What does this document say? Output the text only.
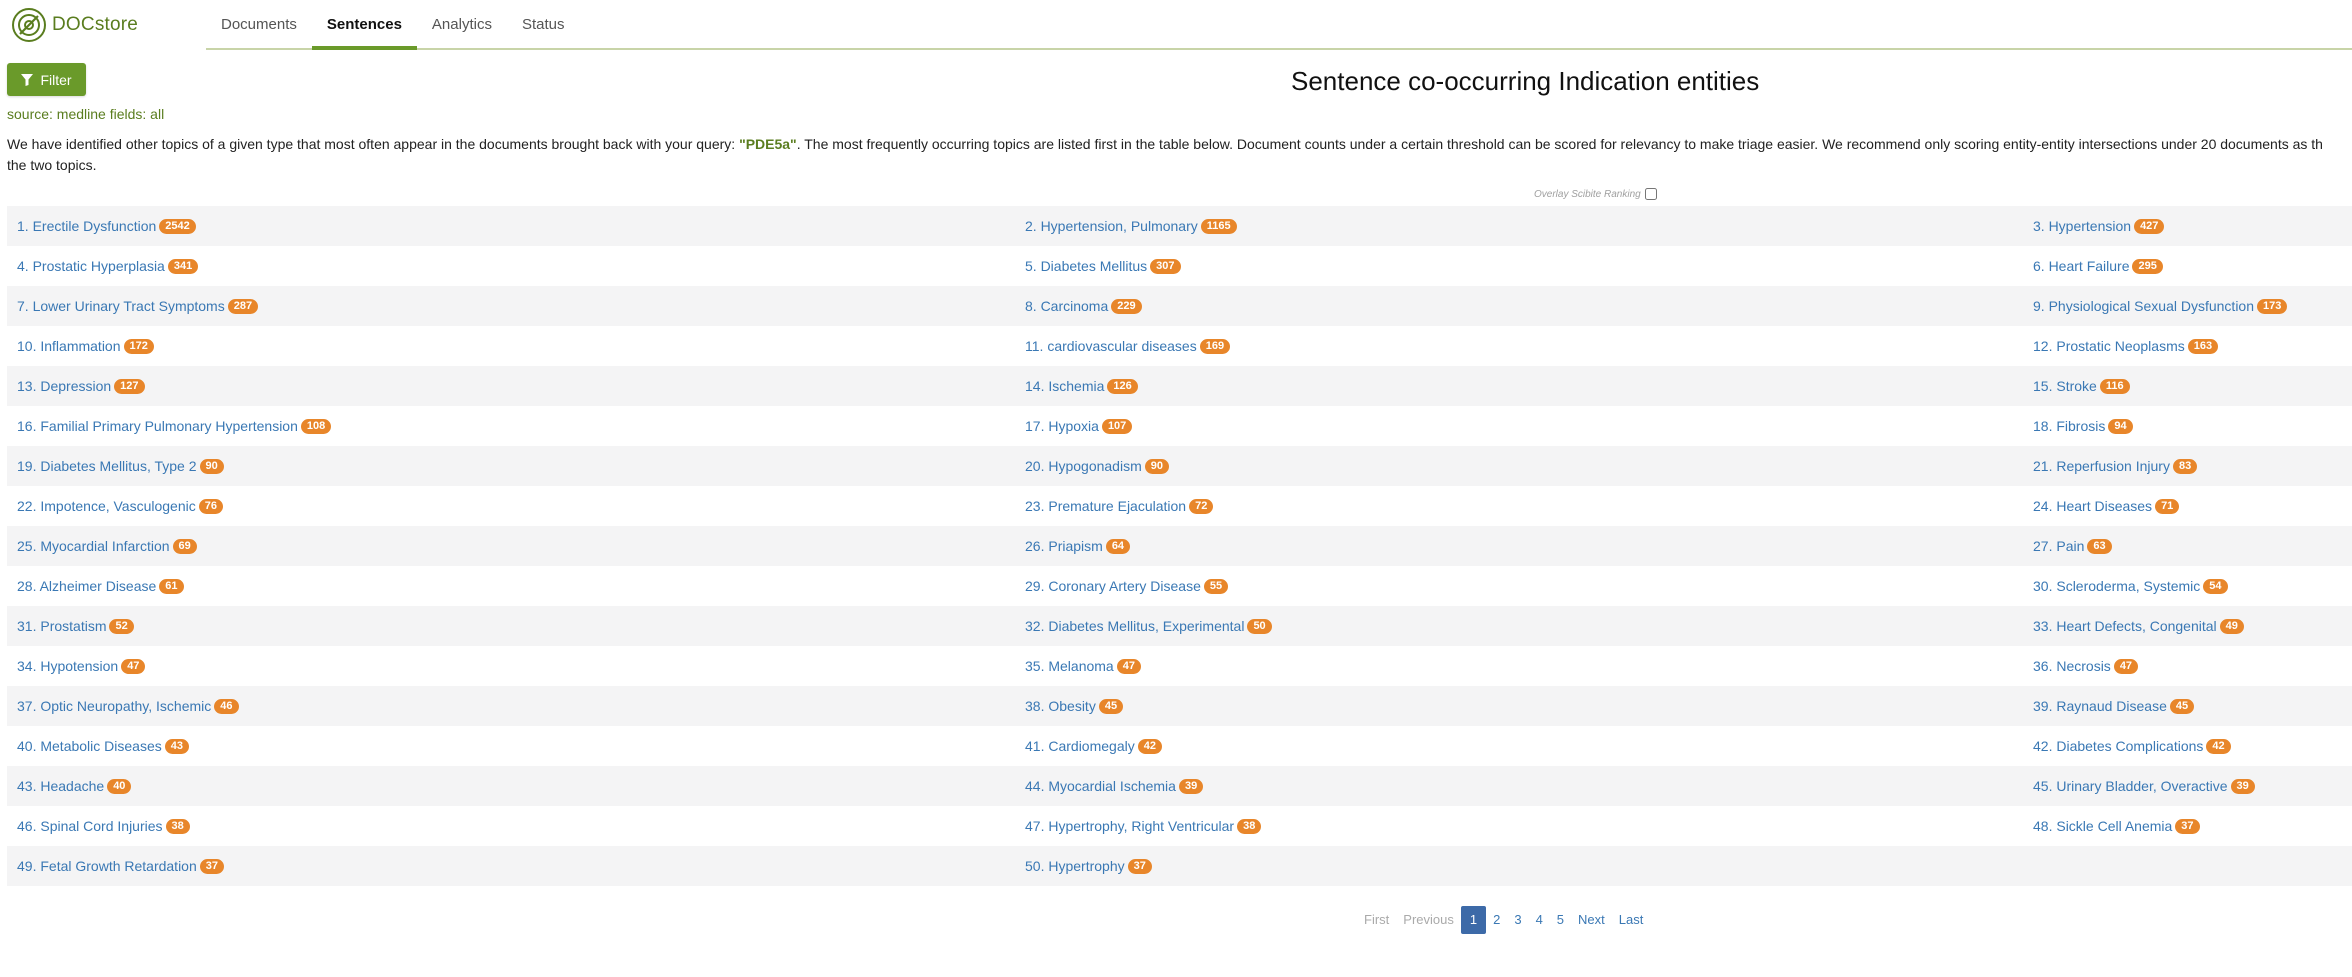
DOCstore	Documents	Sentences	Analytics	Status
Filter	Sentence co-occurring Indication entities
source: medline fields: all
We have identified other topics of a given type that most often appear in the documents brought back with your query: "PDE5a". The most frequently occurring topics are listed first in the table below. Document counts under a certain threshold can be scored for relevancy to make triage easier. We recommend only scoring entity-entity intersections under 20 documents as th
the two topics.
Overlay Scibite Ranking
1. Erectile Dysfunction 2542	2. Hypertension, Pulmonary 1165	3. Hypertension 427
4. Prostatic Hyperplasia 341	5. Diabetes Mellitus 307	6. Heart Failure 295
7. Lower Urinary Tract Symptoms 287	8. Carcinoma 229	9. Physiological Sexual Dysfunction 173
10. Inflammation 172	11. cardiovascular diseases 169	12. Prostatic Neoplasms 163
13. Depression 127	14. Ischemia 126	15. Stroke 116
16. Familial Primary Pulmonary Hypertension 108	17. Hypoxia 107	18. Fibrosis 94
19. Diabetes Mellitus, Type 2 90	20. Hypogonadism 90	21. Reperfusion Injury 83
22. Impotence, Vasculogenic 76	23. Premature Ejaculation 72	24. Heart Diseases 71
25. Myocardial Infarction 69	26. Priapism 64	27. Pain 63
28. Alzheimer Disease 61	29. Coronary Artery Disease 55	30. Scleroderma, Systemic 54
31. Prostatism 52	32. Diabetes Mellitus, Experimental 50	33. Heart Defects, Congenital 49
34. Hypotension 47	35. Melanoma 47	36. Necrosis 47
37. Optic Neuropathy, Ischemic 46	38. Obesity 45	39. Raynaud Disease 45
40. Metabolic Diseases 43	41. Cardiomegaly 42	42. Diabetes Complications 42
43. Headache 40	44. Myocardial Ischemia 39	45. Urinary Bladder, Overactive 39
46. Spinal Cord Injuries 38	47. Hypertrophy, Right Ventricular 38	48. Sickle Cell Anemia 37
49. Fetal Growth Retardation 37	50. Hypertrophy 37
First	Previous	1	2	3	4	5	Next	Last
